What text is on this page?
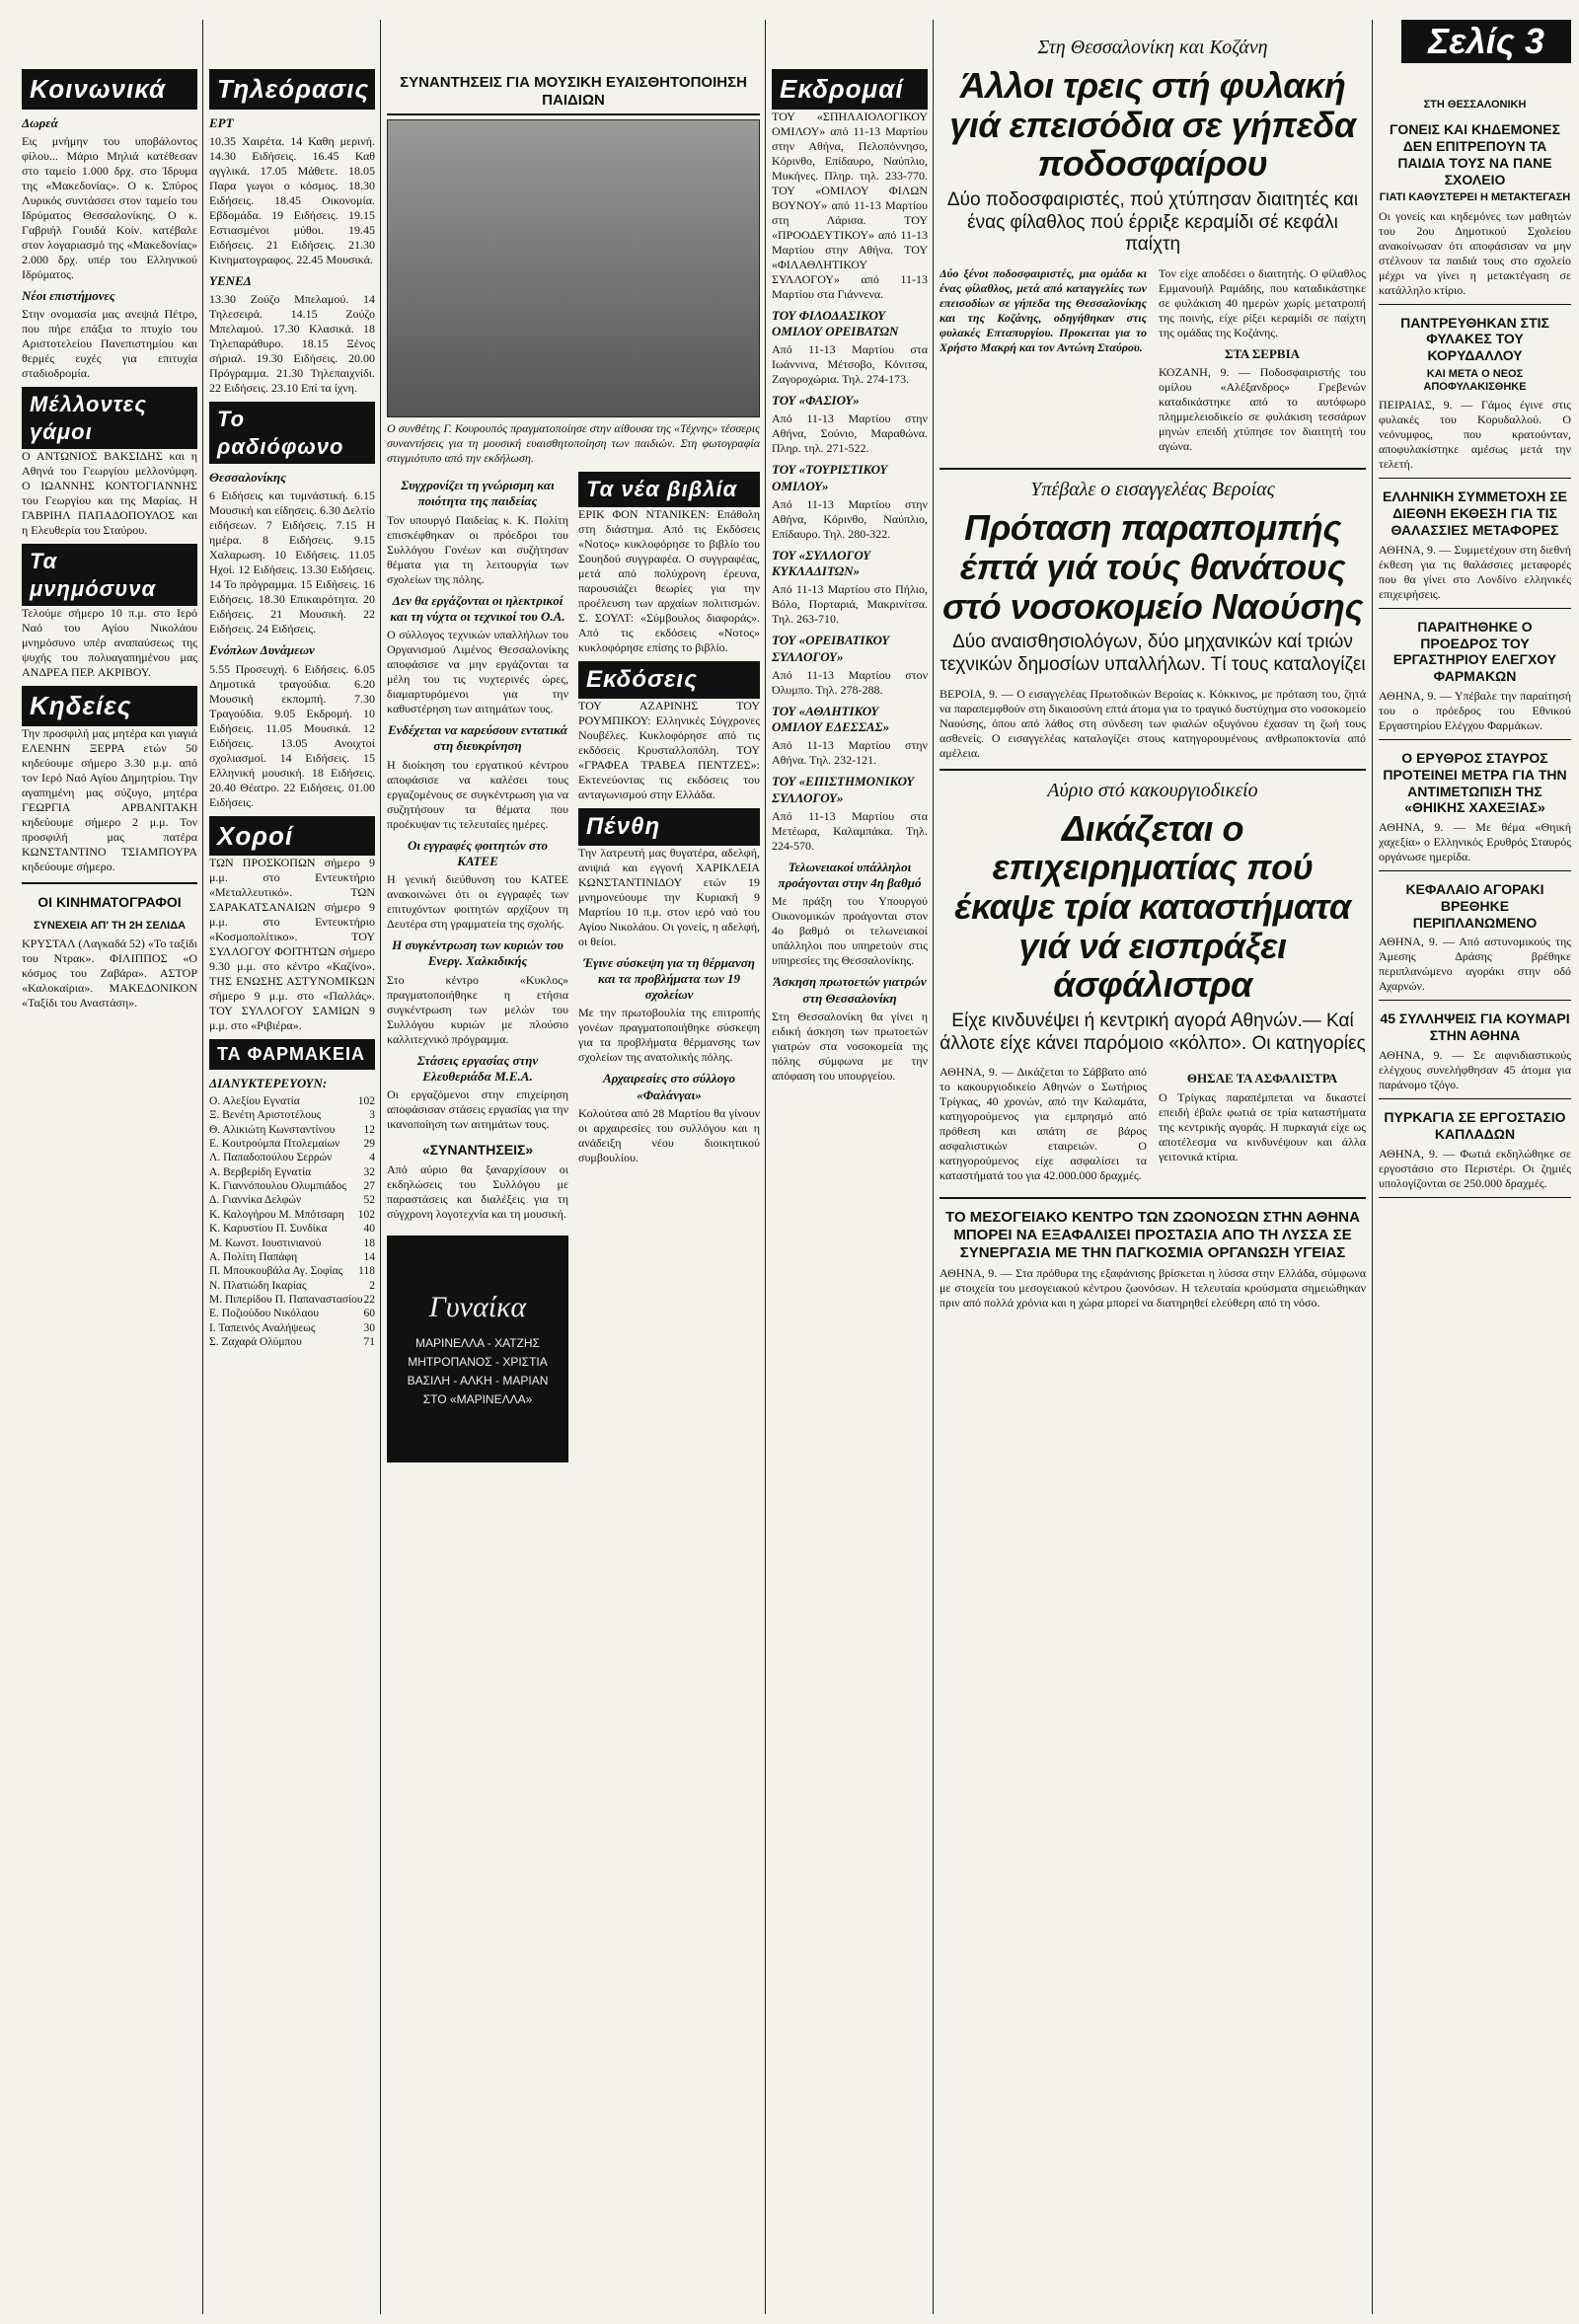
Σελίς 3
Κοινωνικά
Δωρεά

Εις μνήμην του υποβάλοντος φίλου... Μάριο Μηλιά κατέθεσαν στο ταμείο 1.000 δρχ. στο Ίδρυμα της «Μακεδονίας». Ο κ. Σπύρος Λυρικός συντάσσει στον ταμείο του Ιδρύματος Θεσσαλονίκης. Ο κ. Γαβριήλ Γουιδά Κοίν. κατέβαλε στον λογαριασμό της «Μακεδονίας» 2.000 δρχ. υπέρ του Ελληνικού Ιδρύματος.

Νέοι επιστήμονες

Στην ονομασία μας ανεψιά Πέτρο, που πήρε επάξια το πτυχίο του Αριστοτελείου Πανεπιστημίου και θερμές ευχές για επιτυχία σταδιοδρομία.

Μέλλοντες γάμοι

Ο ΑΝΤΩΝΙΟΣ ΒΑΚΣΙΔΗΣ και η Αθηνά του Γεωργίου μελλονύμφη. Ο ΙΩΑΝΝΗΣ ΚΟΝΤΟΓΙΑΝΝΗΣ του Γεωργίου και της Μαρίας. Η ΓΑΒΡΙΗΛ ΠΑΠΑΔΟΠΟΥΛΟΣ και η Ελευθερία του Σταύρου.

Τα μνημόσυνα

Τελούμε σήμερο 10 π.μ. στο Ιερό Ναό του Αγίου Νικολάου μνημόσυνο υπέρ αναπαύσεως της ψυχής του πολυαγαπημένου μας ΑΝΔΡΕΑ ΠΕΡ. ΑΚΡΙΒΟΥ.

Κηδείες

Την προσφιλή μας μητέρα και γιαγιά ΕΛΕΝΗΝ ΞΕΡΡΑ ετών 50 κηδεύουμε σήμερο 3.30 μ.μ. από τον Ιερό Ναό Αγίου Δημητρίου. Την αγαπημένη μας σύζυγο, μητέρα ΓΕΩΡΓΙΑ ΑΡΒΑΝΙΤΑΚΗ κηδεύουμε σήμερο 2 μ.μ. Τον προσφιλή μας πατέρα ΚΩΝΣΤΑΝΤΙΝΟ ΤΣΙΑΜΠΟΥΡΑ κηδεύουμε σήμερο.

ΟΙ ΚΙΝΗΜΑΤΟΓΡΑΦΟΙ
ΣΥΝΕΧΕΙΑ ΑΠ' ΤΗ 2Η ΣΕΛΙΔΑ

ΚΡΥΣΤΑΛ (Λαγκαδά 52) «Το ταξίδι του Ντρακ». ΦΙΛΙΠΠΟΣ «Ο κόσμος του Ζαβάρα». ΑΣΤΟΡ «Καλοκαίρια». ΜΑΚΕΔΟΝΙΚΟΝ «Ταξίδι του Αναστάση».

Τηλεόρασις
ΕΡΤ

10.35 Χαιρέτα. 14 Καθη μερινή. 14.30 Ειδήσεις. 16.45 Καθ αγγλικά. 17.05 Μάθετε. 18.05 Παρα γωγοι ο κόσμος. 18.30 Ειδήσεις. 18.45 Οικονομία. Εβδομάδα. 19 Ειδήσεις. 19.15 Εστιασμένοι μύθοι. 19.45 Ειδήσεις. 21 Ειδήσεις. 21.30 Κινηματογραφος. 22.45 Μουσικά.

ΥΕΝΕΔ

13.30 Ζούζο Μπελαμού. 14 Τηλεσειρά. 14.15 Ζούζο Μπελαμού. 17.30 Κλασικά. 18 Τηλεπαράθυρο. 18.15 Ξένος σήριαλ. 19.30 Ειδήσεις. 20.00 Πρόγραμμα. 21.30 Τηλεπαιχνίδι. 22 Ειδήσεις. 23.10 Επί τα ίχνη.

Το ραδιόφωνο
Θεσσαλονίκης

6 Ειδήσεις και τυμνάστική. 6.15 Μουσική και είδησεις. 6.30 Δελτίο ειδήσεων. 7 Ειδήσεις. 7.15 Η ημέρα. 8 Ειδήσεις. 9.15 Χαλαρωση. 10 Ειδήσεις. 11.05 Ηχοί. 12 Ειδήσεις. 13.30 Ειδήσεις. 14 Το πρόγραμμα. 15 Ειδήσεις. 16 Ειδήσεις. 18.30 Επικαιρότητα. 20 Ειδήσεις. 21 Μουσική. 22 Ειδήσεις. 24 Ειδήσεις.

Ενόπλων Δυνάμεων

5.55 Προσευχή. 6 Ειδήσεις. 6.05 Δημοτικά τραγούδια. 6.20 Μουσική εκπομπή. 7.30 Τραγούδια. 9.05 Εκδρομή. 10 Ειδήσεις. 11.05 Μουσικά. 12 Ειδήσεις. 13.05 Ανοιχτοί σχολιασμοί. 14 Ειδήσεις. 15 Ελληνική μουσική. 18 Ειδήσεις. 20.40 Θέατρο. 22 Ειδήσεις. 01.00 Ειδήσεις.

Χοροί

ΤΩΝ ΠΡΟΣΚΟΠΩΝ σήμερο 9 μ.μ. στο Εντευκτήριο «Μεταλλευτικό». ΤΩΝ ΣΑΡΑΚΑΤΣΑΝΑΙΩΝ σήμερο 9 μ.μ. στο Εντευκτήριο «Κοσμοπολίτικο». ΤΟΥ ΣΥΛΛΟΓΟΥ ΦΟΙΤΗΤΩΝ σήμερο 9.30 μ.μ. στο κέντρο «Καζίνο». ΤΗΣ ΕΝΩΣΗΣ ΑΣΤΥΝΟΜΙΚΩΝ σήμερο 9 μ.μ. στο «Παλλάς». ΤΟΥ ΣΥΛΛΟΓΟΥ ΣΑΜΙΩΝ 9 μ.μ. στο «Ριβιέρα».

ΤΑ ΦΑΡΜΑΚΕΙΑ
ΔΙΑΝΥΚΤΕΡΕΥΟΥΝ:
Ο. Αλεξίου Εγνατία	102
Ξ. Βενέτη Αριστοτέλους	3
Θ. Αλικιώτη Κωνσταντίνου	12
Ε. Κουτρούμπα Πτολεμαίων 29
Λ. Παπαδοπούλου Σερρών	4
Α. Βερβερίδη Εγνατία	32
Κ. Γιαννόπουλου Ολυμπιάδος 27
Δ. Γιαννίκα Δελφών	52
Κ. Καλογήρου Μ. Μπότσαρη 102
Κ. Καρυστίου Π. Συνδίκα	40
Μ. Κωνστ. Ιουστινιανού	18
Α. Πολίτη Παπάφη	14
Π. Μπουκουβάλα Αγ. Σοφίας 118
Ν. Πλατιώδη Ικαρίας	2
Μ. Πιπερίδου Π. Παπαναστασίου 22
Ε. Ποζιούδου Νικόλαου	60
Ι. Ταπεινός Αναλήψεως	30
Σ. Ζαχαρά Ολύμπου	71
ΣΥΝΑΝΤΗΣΕΙΣ ΓΙΑ ΜΟΥΣΙΚΗ ΕΥΑΙΣΘΗΤΟΠΟΙΗΣΗ ΠΑΙΔΙΩΝ

Ο συνθέτης Γ. Κουρουπός πραγματοποίησε στην αίθουσα της «Τέχνης» τέσσερις συναντήσεις για τη μουσική ευαισθητοποίηση των παιδιών. Στη φωτογραφία στιγμιότυπο από την εκδήλωση.

Συγχρονίζει τη γνώρισμη και ποιότητα της παιδείας

Τον υπουργό Παιδείας κ. Κ. Πολίτη επισκέφθηκαν οι πρόεδροι του Συλλόγου Γονέων και συζήτησαν θέματα για τη λειτουργία των σχολείων της πόλης.

Δεν θα εργάζονται οι ηλεκτρικοί και τη νύχτα οι τεχνικοί του Ο.Α.

Ο σύλλογος τεχνικών υπαλλήλων του Οργανισμού Λιμένος Θεσσαλονίκης αποφάσισε να μην εργάζονται τα μέλη του τις νυχτερινές ώρες, διαμαρτυρόμενοι για την καθυστέρηση των αιτημάτων τους.

Ενδέχεται να καρεύσουν εντατικά στη διευκρίνηση

Η διοίκηση του εργατικού κέντρου αποφάσισε να καλέσει τους εργαζομένους σε συγκέντρωση για να συζητήσουν τα θέματα που προέκυψαν τις τελευταίες ημέρες.

Οι εγγραφές φοιτητών στο ΚΑΤΕΕ

Η γενική διεύθυνση του ΚΑΤΕΕ ανακοινώνει ότι οι εγγραφές των επιτυχόντων φοιτητών αρχίζουν τη Δευτέρα στη γραμματεία της σχολής.

Η συγκέντρωση των κυριών του Ενεργ. Χαλκιδικής

Στο κέντρο «Κυκλος» πραγματοποιήθηκε η ετήσια συγκέντρωση των μελών του Συλλόγου κυριών με πλούσιο καλλιτεχνικό πρόγραμμα.

Στάσεις εργασίας στην Ελευθεριάδα Μ.Ε.Α.

Οι εργαζόμενοι στην επιχείρηση αποφάσισαν στάσεις εργασίας για την ικανοποίηση των αιτημάτων τους.

«ΣΥΝΑΝΤΗΣΕΙΣ»

Από αύριο θα ξαναρχίσουν οι εκδηλώσεις του Συλλόγου με παραστάσεις και διαλέξεις για τη σύγχρονη λογοτεχνία και τη μουσική.

Τα νέα βιβλία

ΕΡΙΚ ΦΟΝ ΝΤΑΝΙΚΕΝ: Επάθολη στη διάστημα. Από τις Εκδόσεις «Νοτος» κυκλοφόρησε το βιβλίο του Σουηδού συγγραφέα. Ο συγγραφέας, μετά από πολύχρονη έρευνα, παρουσιάζει θεωρίες για την προέλευση των αρχαίων πολιτισμών. Σ. ΣΟΥΛΤ: «Σύμβουλος διαφοράς». Από τις εκδόσεις «Νοτος» κυκλοφόρησε επίσης το βιβλίο.

Εκδόσεις

ΤΟΥ ΑΖΑΡΙΝΗΣ ΤΟΥ ΡΟΥΜΠΙΚΟΥ: Ελληνικές Σύγχρονες Νουβέλες. Κυκλοφόρησε από τις εκδόσεις Κρυσταλλοπόλη. ΤΟΥ «ΓΡΑΦΕΑ ΤΡΑΒΕΑ ΠΕΝΤΖΕΣ»: Εκτενεύοντας τις εκδόσεις του ανταγωνισμού στην Ελλάδα.

Πένθη

Την λατρευτή μας θυγατέρα, αδελφή, ανιψιά και εγγονή ΧΑΡΙΚΛΕΙΑ ΚΩΝΣΤΑΝΤΙΝΙΔΟΥ ετών 19 μνημονεύουμε την Κυριακή 9 Μαρτίου 10 π.μ. στον ιερό ναό του Αγίου Νικολάου. Οι γονείς, η αδελφή, οι θείοι.

Έγινε σύσκεψη για τη θέρμανση και τα προβλήματα των 19 σχολείων

Με την πρωτοβουλία της επιτροπής γονέων πραγματοποιήθηκε σύσκεψη για τα προβλήματα θέρμανσης των σχολείων της ανατολικής πόλης.

Αρχαιρεσίες στο σύλλογο «Φαλάνγαι»

Κολούτσα από 28 Μαρτίου θα γίνουν οι αρχαιρεσίες του συλλόγου και η ανάδειξη νέου διοικητικού συμβουλίου.

Γυναίκα
ΜΑΡΙΝΕΛΛΑ - ΧΑΤΖΗΣ
ΜΗΤΡΟΠΑΝΟΣ - ΧΡΙΣΤΙΑ
ΒΑΣΙΛΗ - ΑΛΚΗ - ΜΑΡΙΑΝ
ΣΤΟ «ΜΑΡΙΝΕΛΛΑ»
Εκδρομαί

ΤΟΥ «ΣΠΗΛΑΙΟΛΟΓΙΚΟΥ ΟΜΙΛΟΥ» από 11-13 Μαρτίου στην Αθήνα, Πελοπόννησο, Κόρινθο, Επίδαυρο, Ναύπλιο, Μυκήνες. Πληρ. τηλ. 233-770. ΤΟΥ «ΟΜΙΛΟΥ ΦΙΛΩΝ ΒΟΥΝΟΥ» από 11-13 Μαρτίου στη Λάρισα. ΤΟΥ «ΠΡΟΟΔΕΥΤΙΚΟΥ» από 11-13 Μαρτίου στην Αθήνα. ΤΟΥ «ΦΙΛΑΘΛΗΤΙΚΟΥ ΣΥΛΛΟΓΟΥ» από 11-13 Μαρτίου στα Γιάννενα.

ΤΟΥ ΦΙΛΟΔΑΣΙΚΟΥ ΟΜΙΛΟΥ ΟΡΕΙΒΑΤΩΝ

Από 11-13 Μαρτίου στα Ιωάννινα, Μέτσοβο, Κόνιτσα, Ζαγοροχώρια. Τηλ. 274-173.

ΤΟΥ «ΦΑΣΙΟΥ»

Από 11-13 Μαρτίου στην Αθήνα, Σούνιο, Μαραθώνα. Πληρ. τηλ. 271-522.

ΤΟΥ «ΤΟΥΡΙΣΤΙΚΟΥ ΟΜΙΛΟΥ»

Από 11-13 Μαρτίου στην Αθήνα, Κόρινθο, Ναύπλιο, Επίδαυρο. Τηλ. 280-322.

ΤΟΥ «ΣΥΛΛΟΓΟΥ ΚΥΚΛΑΔΙΤΩΝ»

Από 11-13 Μαρτίου στο Πήλιο, Βόλο, Πορταριά, Μακρινίτσα. Τηλ. 263-710.

ΤΟΥ «ΟΡΕΙΒΑΤΙΚΟΥ ΣΥΛΛΟΓΟΥ»

Από 11-13 Μαρτίου στον Όλυμπο. Τηλ. 278-288.

ΤΟΥ «ΑΘΛΗΤΙΚΟΥ ΟΜΙΛΟΥ ΕΔΕΣΣΑΣ»

Από 11-13 Μαρτίου στην Αθήνα. Τηλ. 232-121.

ΤΟΥ «ΕΠΙΣΤΗΜΟΝΙΚΟΥ ΣΥΛΛΟΓΟΥ»

Από 11-13 Μαρτίου στα Μετέωρα, Καλαμπάκα. Τηλ. 224-570.

Τελωνειακοί υπάλληλοι προάγονται στην 4η βαθμό

Με πράξη του Υπουργού Οικονομικών προάγονται στον 4ο βαθμό οι τελωνειακοί υπάλληλοι που υπηρετούν στις υπηρεσίες της Θεσσαλονίκης.

Άσκηση πρωτοετών γιατρών στη Θεσσαλονίκη

Στη Θεσσαλονίκη θα γίνει η ειδική άσκηση των πρωτοετών γιατρών στα νοσοκομεία της πόλης σύμφωνα με την απόφαση του υπουργείου.

Στη Θεσσαλονίκη και Κοζάνη
Άλλοι τρεις στή φυλακή γιά επεισόδια σε γήπεδα ποδοσφαίρου
Δύο ποδοσφαιριστές, πού χτύπησαν διαιτητές και ένας φίλαθλος πού έρριξε κεραμίδι σέ κεφάλι παίχτη

Δύο ξένοι ποδοσφαιριστές, μια ομάδα κι ένας φίλαθλος, μετά από καταγγελίες των επεισοδίων σε γήπεδα της Θεσσαλονίκης και της Κοζάνης, οδηγήθηκαν στις φυλακές Επταπυργίου. Προκειται για το Χρήστο Μακρή και τον Αντώνη Σταύρου.

Τον είχε αποδέσει ο διαιτητής. Ο φίλαθλος Εμμανουήλ Ραμάδης, που καταδικάστηκε σε φυλάκιση 40 ημερών χωρίς μετατροπή της ποινής, είχε ρίξει κεραμίδι σε παίχτη της ομάδας της Κοζάνης.

ΣΤΑ ΣΕΡΒΙΑ

ΚΟΖΑΝΗ, 9. — Ποδοσφαιριστής του ομίλου «Αλέξανδρος» Γρεβενών καταδικάστηκε από το αυτόφωρο πλημμελειοδικείο σε φυλάκιση τεσσάρων μηνών επειδή χτύπησε τον διαιτητή του αγώνα.

Υπέβαλε ο εισαγγελέας Βεροίας
Πρόταση παραπομπής έπτά γιά τούς θανάτους στό νοσοκομείο Ναούσης
Δύο αναισθησιολόγων, δύο μηχανικών καί τριών τεχνικών δημοσίων υπαλλήλων. Τί τους καταλογίζει

ΒΕΡΟΙΑ, 9. — Ο εισαγγελέας Πρωτοδικών Βεροίας κ. Κόκκινος, με πρόταση του, ζητά να παραπεμφθούν στη δικαιοσύνη επτά άτομα για το τραγικό δυστύχημα στο νοσοκομείο Ναούσης, όπου από λάθος στη σύνδεση των φιαλών οξυγόνου έχασαν τη ζωή τους ασθενείς. Ο εισαγγελέας καταλογίζει στους κατηγορουμένους ανθρωποκτονία από αμέλεια.

Αύριο στό κακουργιοδικείο
Δικάζεται ο επιχειρηματίας πού έκαψε τρία καταστήματα γιά νά εισπράξει άσφάλιστρα
Είχε κινδυνέψει ή κεντρική αγορά Αθηνών.— Καί άλλοτε είχε κάνει παρόμοιο «κόλπο». Οι κατηγορίες

ΑΘΗΝΑ, 9. — Δικάζεται το Σάββατο από το κακουργιοδικείο Αθηνών ο Σωτήριος Τρίγκας, 40 χρονών, από την Καλαμάτα, κατηγορούμενος για εμπρησμό από πρόθεση και απάτη σε βάρος ασφαλιστικών εταιρειών. Ο κατηγορούμενος είχε ασφαλίσει τα καταστήματά του για 42.000.000 δραχμές.

ΘΗΣΑΕ ΤΑ ΑΣΦΑΛΙΣΤΡΑ

Ο Τρίγκας παραπέμπεται να δικαστεί επειδή έβαλε φωτιά σε τρία καταστήματα της κεντρικής αγοράς. Η πυρκαγιά είχε ως αποτέλεσμα να κινδυνέψουν και άλλα γειτονικά κτίρια.

ΤΟ ΜΕΣΟΓΕΙΑΚΟ ΚΕΝΤΡΟ ΤΩΝ ΖΩΟΝΟΣΩΝ ΣΤΗΝ ΑΘΗΝΑ ΜΠΟΡΕΙ ΝΑ ΕΞΑΦΑΛΙΣΕΙ ΠΡΟΣΤΑΣΙΑ ΑΠΟ ΤΗ ΛΥΣΣΑ ΣΕ ΣΥΝΕΡΓΑΣΙΑ ΜΕ ΤΗΝ ΠΑΓΚΟΣΜΙΑ ΟΡΓΑΝΩΣΗ ΥΓΕΙΑΣ

ΑΘΗΝΑ, 9. — Στα πρόθυρα της εξαφάνισης βρίσκεται η λύσσα στην Ελλάδα, σύμφωνα με στοιχεία του μεσογειακού κέντρου ζωονόσων. Η τελευταία κρούσματα σημειώθηκαν πριν από πολλά χρόνια και η χώρα μπορεί να διατηρηθεί ελεύθερη από τη νόσο.

ΣΤΗ ΘΕΣΣΑΛΟΝΙΚΗ
ΓΟΝΕΙΣ ΚΑΙ ΚΗΔΕΜΟΝΕΣ ΔΕΝ ΕΠΙΤΡΕΠΟΥΝ ΤΑ ΠΑΙΔΙΑ ΤΟΥΣ ΝΑ ΠΑΝΕ ΣΧΟΛΕΙΟ
ΓΙΑΤΙ ΚΑΘΥΣΤΕΡΕΙ Η ΜΕΤΑΚΤΕΓΑΣΗ

Οι γονείς και κηδεμόνες των μαθητών του 2ου Δημοτικού Σχολείου ανακοίνωσαν ότι αποφάσισαν να μην στέλνουν τα παιδιά τους στο σχολείο μέχρι να γίνει η μετακτέγαση σε κατάλληλο κτίριο.

ΠΑΝΤΡΕΥΘΗΚΑΝ ΣΤΙΣ ΦΥΛΑΚΕΣ ΤΟΥ ΚΟΡΥΔΑΛΛΟΥ
ΚΑΙ ΜΕΤΑ Ο ΝΕΟΣ ΑΠΟΦΥΛΑΚΙΣΘΗΚΕ

ΠΕΙΡΑΙΑΣ, 9. — Γάμος έγινε στις φυλακές του Κορυδαλλού. Ο νεόνυμφος, που κρατούνταν, αποφυλακίστηκε αμέσως μετά την τελετή.

ΕΛΛΗΝΙΚΗ ΣΥΜΜΕΤΟΧΗ ΣΕ ΔΙΕΘΝΗ ΕΚΘΕΣΗ ΓΙΑ ΤΙΣ ΘΑΛΑΣΣΙΕΣ ΜΕΤΑΦΟΡΕΣ

ΑΘΗΝΑ, 9. — Συμμετέχουν στη διεθνή έκθεση για τις θαλάσσιες μεταφορές που θα γίνει στο Λονδίνο ελληνικές επιχειρήσεις.

ΠΑΡΑΙΤΗΘΗΚΕ Ο ΠΡΟΕΔΡΟΣ ΤΟΥ ΕΡΓΑΣΤΗΡΙΟΥ ΕΛΕΓΧΟΥ ΦΑΡΜΑΚΩΝ

ΑΘΗΝΑ, 9. — Υπέβαλε την παραίτησή του ο πρόεδρος του Εθνικού Εργαστηρίου Ελέγχου Φαρμάκων.

Ο ΕΡΥΘΡΟΣ ΣΤΑΥΡΟΣ ΠΡΟΤΕΙΝΕΙ ΜΕΤΡΑ ΓΙΑ ΤΗΝ ΑΝΤΙΜΕΤΩΠΙΣΗ ΤΗΣ «ΘΗΙΚΗΣ ΧΑΧΕΞΙΑΣ»

ΑΘΗΝΑ, 9. — Με θέμα «Θηική χαχεξία» ο Ελληνικός Ερυθρός Σταυρός οργάνωσε ημερίδα.

ΚΕΦΑΛΑΙΟ ΑΓΟΡΑΚΙ ΒΡΕΘΗΚΕ ΠΕΡΙΠΛΑΝΩΜΕΝΟ

ΑΘΗΝΑ, 9. — Από αστυνομικούς της Άμεσης Δράσης βρέθηκε περιπλανώμενο αγοράκι στην οδό Αχαρνών.

45 ΣΥΛΛΗΨΕΙΣ ΓΙΑ ΚΟΥΜΑΡΙ ΣΤΗΝ ΑΘΗΝΑ

ΑΘΗΝΑ, 9. — Σε αιφνιδιαστικούς ελέγχους συνελήφθησαν 45 άτομα για παράνομο τζόγο.

ΠΥΡΚΑΓΙΑ ΣΕ ΕΡΓΟΣΤΑΣΙΟ ΚΑΠΛΑΔΩΝ

ΑΘΗΝΑ, 9. — Φωτιά εκδηλώθηκε σε εργοστάσιο στο Περιστέρι. Οι ζημιές υπολογίζονται σε 250.000 δραχμές.
